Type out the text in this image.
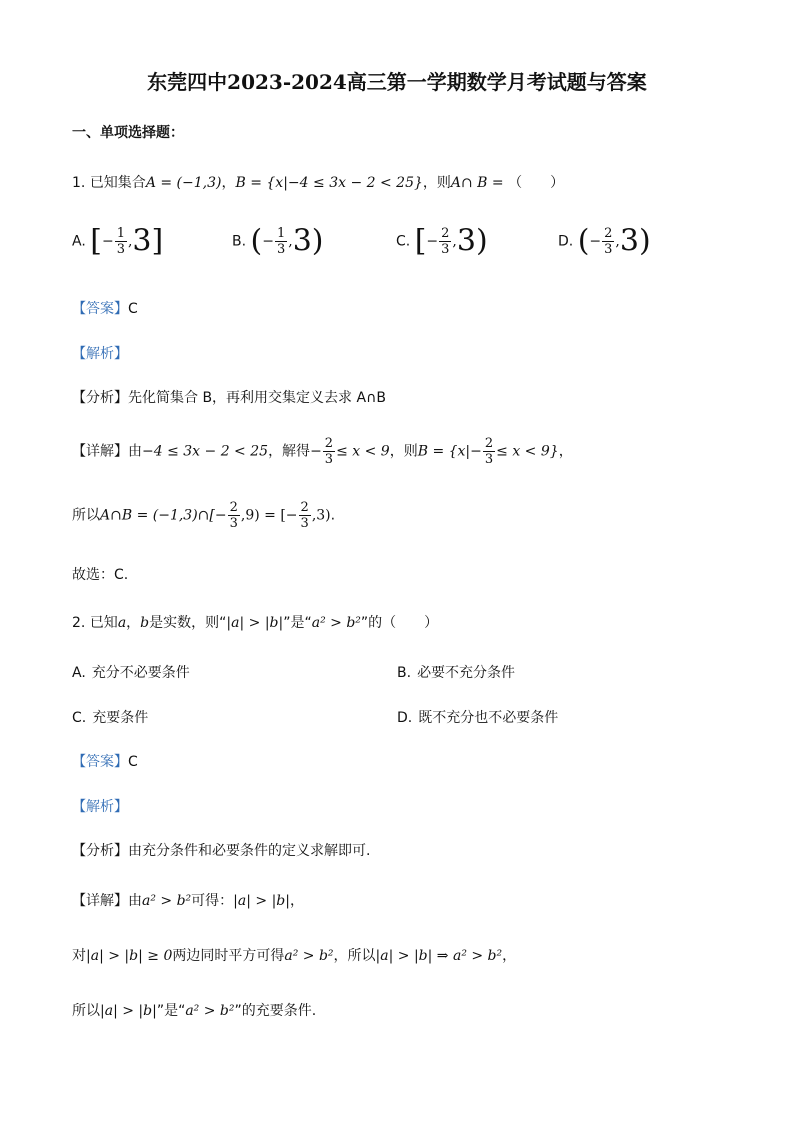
东莞四中2023-2024高三第一学期数学月考试题与答案
一、单项选择题：
1. 已知集合A = (−1,3)，B = {x|−4 ≤ 3x − 2 < 25}，则A∩ B = （　　）
A. [− $\frac{1}{3} ,3$]	B. (− $\frac{1}{3} ,3$)	C. [− $\frac{2}{3} ,3$)	D. (− $\frac{2}{3} ,3$)
【答案】C
【解析】
【分析】先化简集合 B，再利用交集定义去求 A∩B
【详解】由−4 ≤ 3x − 2 < 25，解得− $\frac{2}{3} \le x < 9$，则$B = \{x|- \frac{2}{3} \le x < 9\}$，
所以A∩B = (−1,3)∩[− $\frac{2}{3} ,9$) = [− $\frac{2}{3} ,3$).
故选：C.
2. 已知a，b是实数，则“|a| > |b|”是“a² > b²”的（　　）
A. 充分不必要条件	B. 必要不充分条件
C. 充要条件	D. 既不充分也不必要条件
【答案】C
【解析】
【分析】由充分条件和必要条件的定义求解即可.
【详解】由a² > b²可得：|a| > |b|，
对|a| > |b| ≥ 0两边同时平方可得a² > b²，所以|a| > |b| ⇒ a² > b²，
所以|a| > |b|”是“a² > b²”的充要条件.
